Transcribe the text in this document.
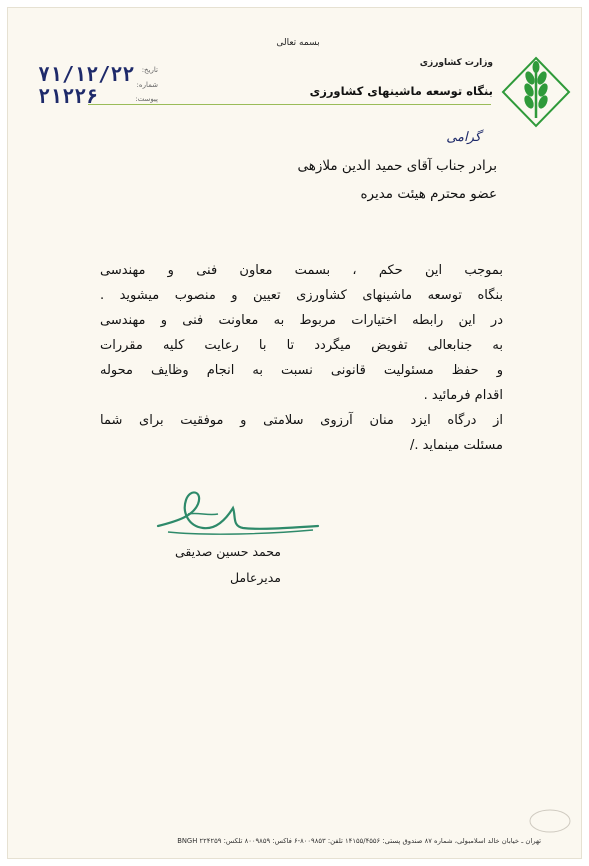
بسمه تعالی
وزارت کشاورزی
بنگاه توسعه ماشینهای کشاورزی
تاریخ:
شماره:
پیوست:
۷۱/۱۲/۲۲
۲۱۲۲۶
گرامی
برادر جناب آقای حمید الدین ملازهی
عضو محترم هیئت مدیره
بموجب این حکم ، بسمت معاون فنی و مهندسی
بنگاه توسعه ماشینهای کشاورزی تعیین و منصوب میشوید .
در این رابطه اختیارات مربوط به معاونت فنی و مهندسی
به جنابعالی تفویض میگردد تا با رعایت کلیه مقررات
و حفظ مسئولیت قانونی نسبت به انجام وظایف محوله
اقدام فرمائید .
از درگاه ایزد منان آرزوی سلامتی و موفقیت برای شما
مسئلت مینماید ./
محمد حسین صدیقی
مدیرعامل
تهران ـ خیابان خالد اسلامبولی، شماره ۸۷ صندوق پستی: ۱۴۱۵۵/۴۵۵۶ تلفن: ۸۰۰۹۸۵۳-۶ فاکس: ۸۰۰۹۸۵۹ تلکس: ۲۲۴۲۵۹ BNGH
